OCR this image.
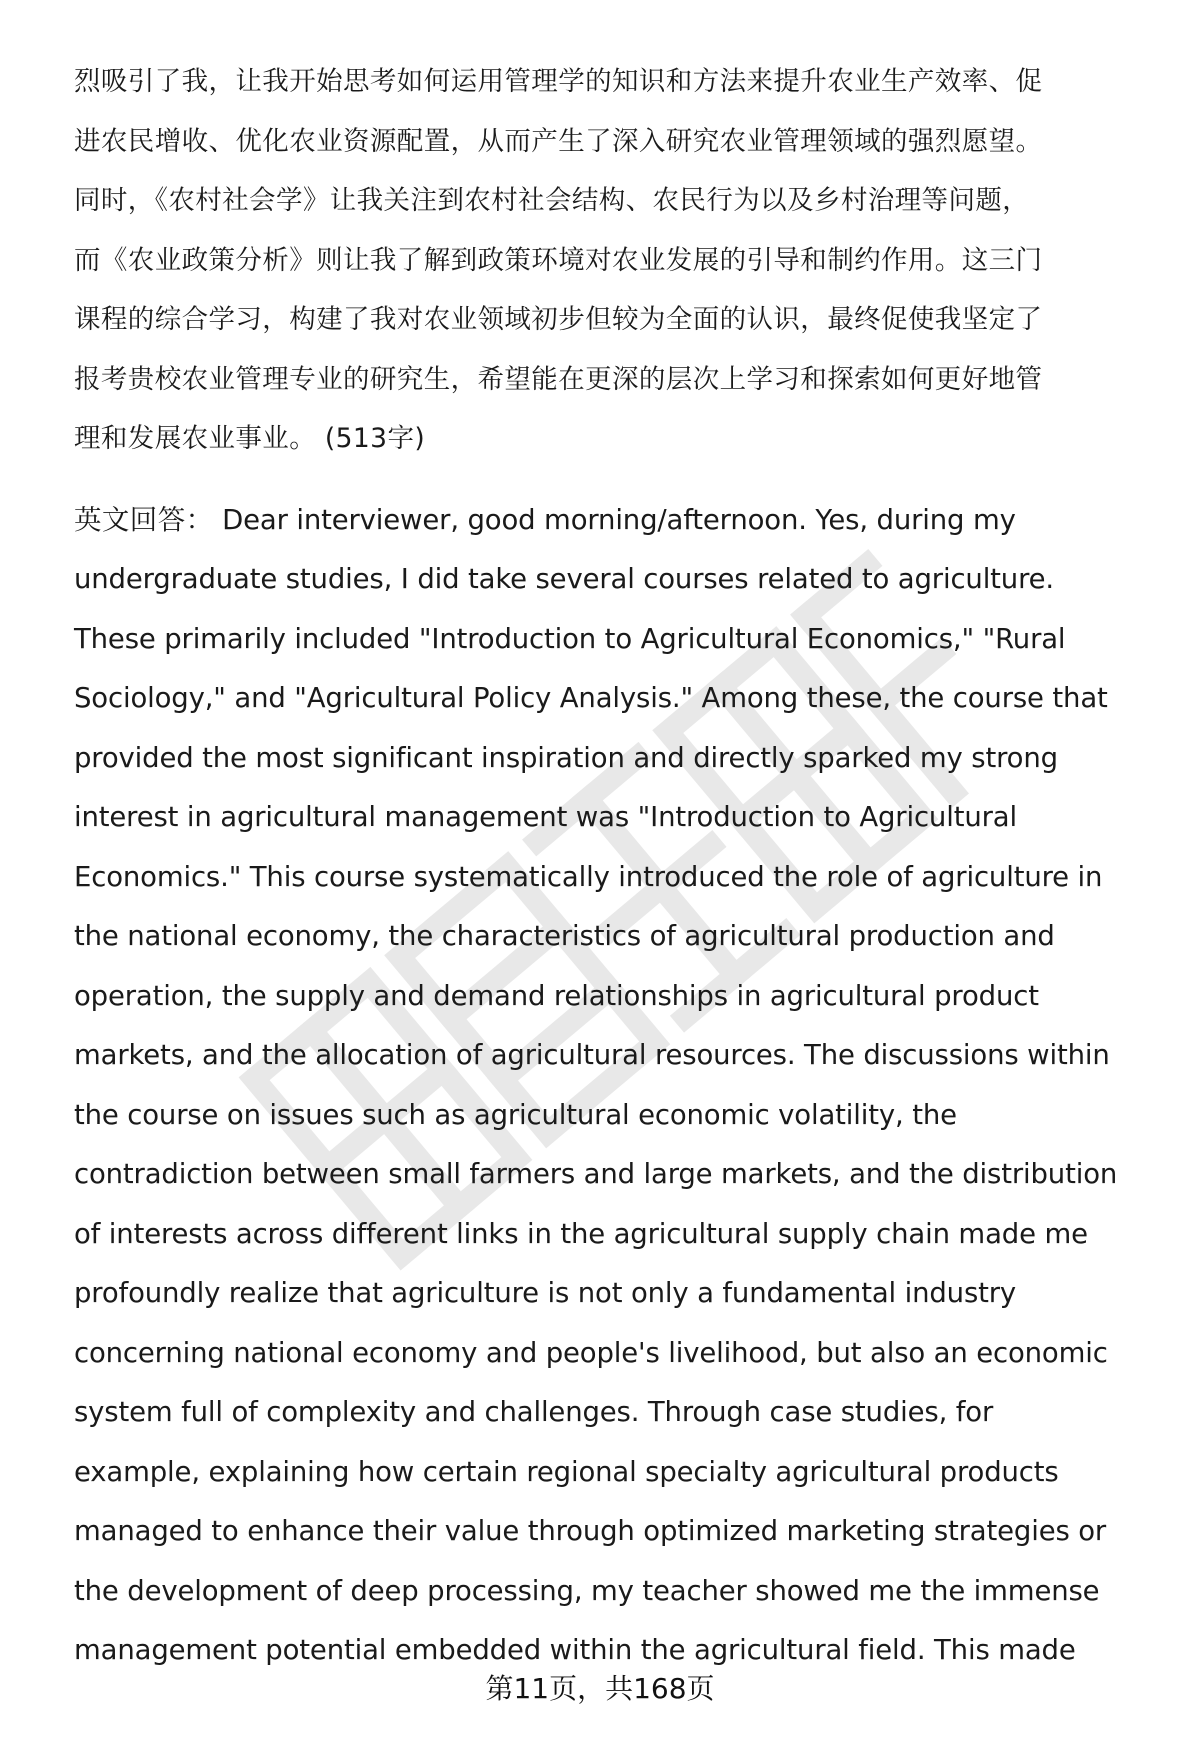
烈吸引了我，让我开始思考如何运用管理学的知识和方法来提升农业生产效率、促
进农民增收、优化农业资源配置，从而产生了深入研究农业管理领域的强烈愿望。
同时，《农村社会学》让我关注到农村社会结构、农民行为以及乡村治理等问题，
而《农业政策分析》则让我了解到政策环境对农业发展的引导和制约作用。这三门
课程的综合学习，构建了我对农业领域初步但较为全面的认识，最终促使我坚定了
报考贵校农业管理专业的研究生，希望能在更深的层次上学习和探索如何更好地管
理和发展农业事业。 (513字)

英文回答： Dear interviewer, good morning/afternoon. Yes, during my
undergraduate studies, I did take several courses related to agriculture.
These primarily included "Introduction to Agricultural Economics," "Rural
Sociology," and "Agricultural Policy Analysis." Among these, the course that
provided the most significant inspiration and directly sparked my strong
interest in agricultural management was "Introduction to Agricultural
Economics." This course systematically introduced the role of agriculture in
the national economy, the characteristics of agricultural production and
operation, the supply and demand relationships in agricultural product
markets, and the allocation of agricultural resources. The discussions within
the course on issues such as agricultural economic volatility, the
contradiction between small farmers and large markets, and the distribution
of interests across different links in the agricultural supply chain made me
profoundly realize that agriculture is not only a fundamental industry
concerning national economy and people's livelihood, but also an economic
system full of complexity and challenges. Through case studies, for
example, explaining how certain regional specialty agricultural products
managed to enhance their value through optimized marketing strategies or
the development of deep processing, my teacher showed me the immense
management potential embedded within the agricultural field. This made

第11页，共168页
